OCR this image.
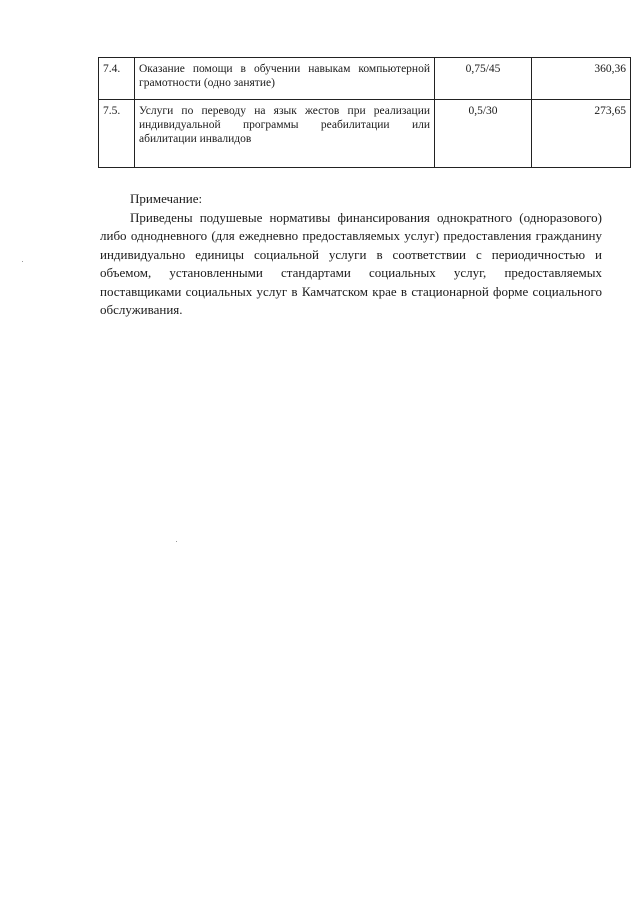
7.4.	Оказание помощи в обучении навыкам компьютерной грамотности (одно занятие)	0,75/45	360,36
7.5.	Услуги по переводу на язык жестов при реализации индивидуальной программы реабилитации или абилитации инвалидов	0,5/30	273,65

Примечание:

Приведены подушевые нормативы финансирования однократного (одноразового) либо однодневного (для ежедневно предоставляемых услуг) предоставления гражданину индивидуально единицы социальной услуги в соответствии с периодичностью и объемом, установленными стандартами социальных услуг, предоставляемых поставщиками социальных услуг в Камчатском крае в стационарной форме социального обслуживания.
